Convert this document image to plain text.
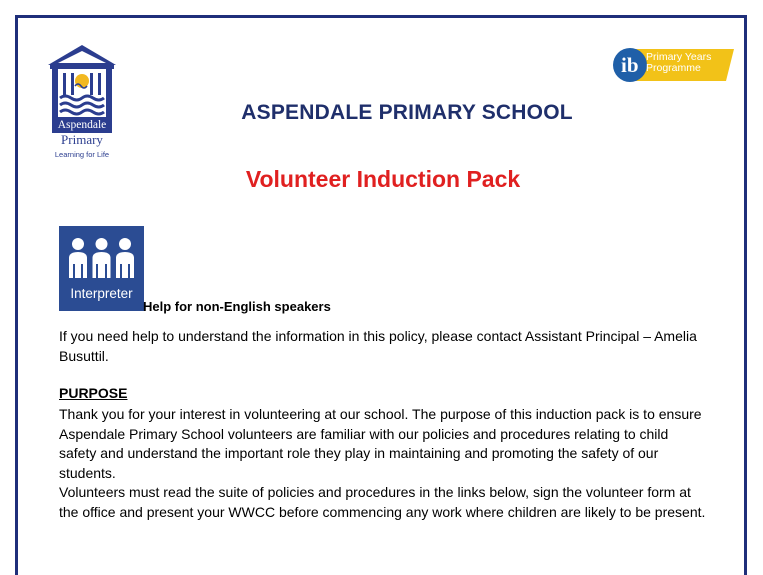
Aspendale
Primary
Learning for Life
ib Primary Years
Programme
ASPENDALE PRIMARY SCHOOL
Volunteer Induction Pack
Interpreter
Help for non-English speakers

If you need help to understand the information in this policy, please contact Assistant Principal – Amelia Busuttil.

PURPOSE
Thank you for your interest in volunteering at our school. The purpose of this induction pack is to ensure Aspendale Primary School volunteers are familiar with our policies and procedures relating to child safety and understand the important role they play in maintaining and promoting the safety of our students.
Volunteers must read the suite of policies and procedures in the links below, sign the volunteer form at the office and present your WWCC before commencing any work where children are likely to be present.
